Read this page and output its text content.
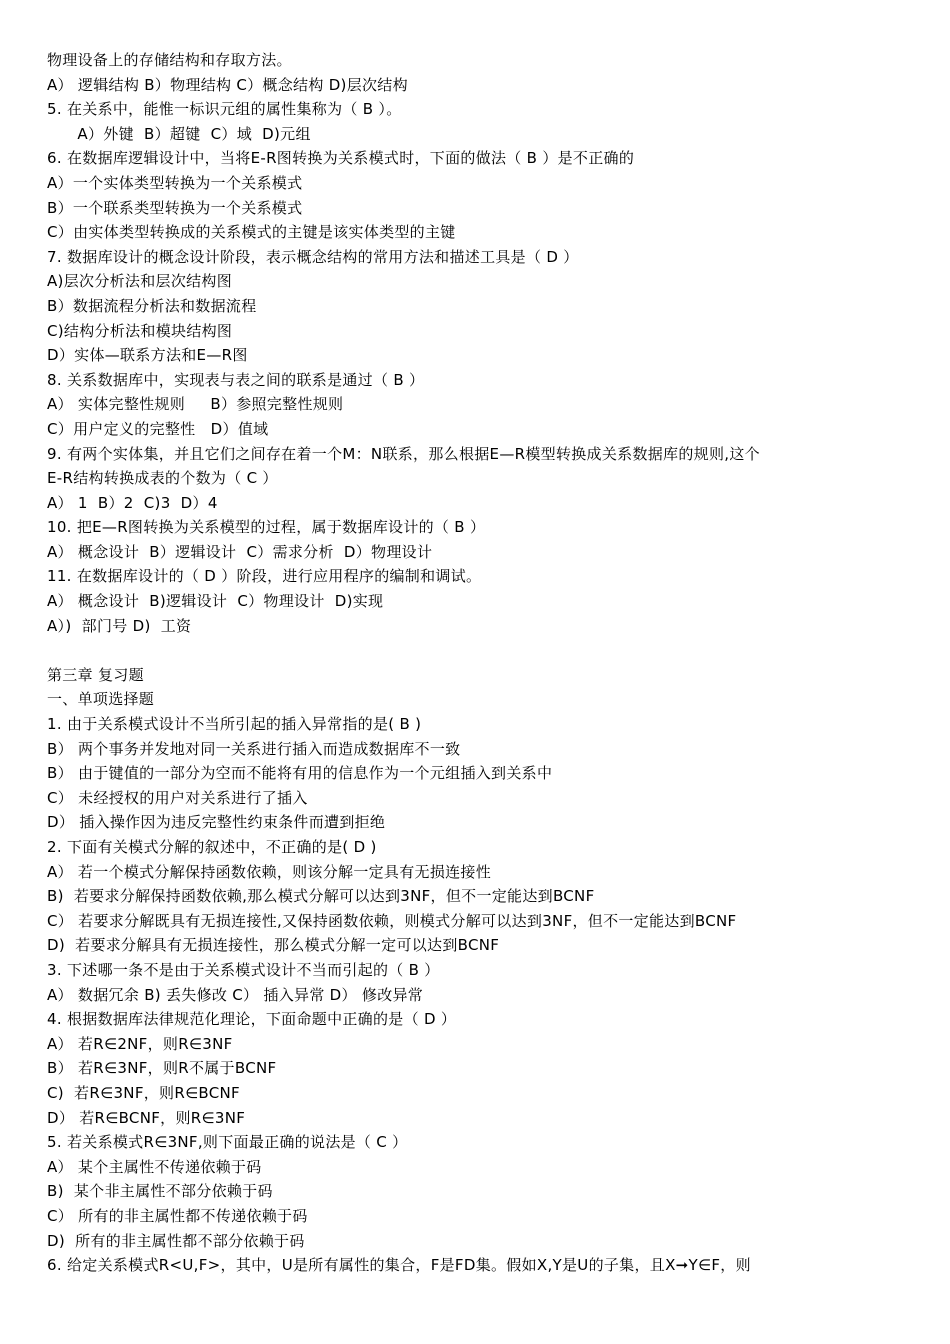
物理设备上的存储结构和存取方法。
A） 逻辑结构 B）物理结构 C）概念结构 D)层次结构
5. 在关系中，能惟一标识元组的属性集称为（ B ）。
A）外键  B）超键  C）域  D)元组
6. 在数据库逻辑设计中，当将E-R图转换为关系模式时，下面的做法（ B ）是不正确的
A）一个实体类型转换为一个关系模式
B）一个联系类型转换为一个关系模式
C）由实体类型转换成的关系模式的主键是该实体类型的主键
7. 数据库设计的概念设计阶段，表示概念结构的常用方法和描述工具是（ D ）
A)层次分析法和层次结构图
B）数据流程分析法和数据流程
C)结构分析法和模块结构图
D）实体—联系方法和E—R图
8. 关系数据库中，实现表与表之间的联系是通过（ B ）
A） 实体完整性规则     B）参照完整性规则
C）用户定义的完整性   D）值域
9. 有两个实体集，并且它们之间存在着一个M：N联系，那么根据E—R模型转换成关系数据库的规则,这个
E-R结构转换成表的个数为（ C ）
A） 1  B）2  C)3  D）4
10. 把E—R图转换为关系模型的过程，属于数据库设计的（ B ）
A） 概念设计  B）逻辑设计  C）需求分析  D）物理设计
11. 在数据库设计的（ D ）阶段，进行应用程序的编制和调试。
A） 概念设计  B)逻辑设计  C）物理设计  D)实现
A）)  部门号 D)  工资
第三章 复习题
一、单项选择题
1. 由于关系模式设计不当所引起的插入异常指的是( B )
B） 两个事务并发地对同一关系进行插入而造成数据库不一致
B） 由于键值的一部分为空而不能将有用的信息作为一个元组插入到关系中
C） 未经授权的用户对关系进行了插入
D） 插入操作因为违反完整性约束条件而遭到拒绝
2. 下面有关模式分解的叙述中，不正确的是( D )
A） 若一个模式分解保持函数依赖，则该分解一定具有无损连接性
B)  若要求分解保持函数依赖,那么模式分解可以达到3NF，但不一定能达到BCNF
C） 若要求分解既具有无损连接性,又保持函数依赖，则模式分解可以达到3NF，但不一定能达到BCNF
D)  若要求分解具有无损连接性，那么模式分解一定可以达到BCNF
3. 下述哪一条不是由于关系模式设计不当而引起的（ B ）
A） 数据冗余 B) 丢失修改 C） 插入异常 D） 修改异常
4. 根据数据库法律规范化理论，下面命题中正确的是（ D ）
A） 若R∈2NF，则R∈3NF
B） 若R∈3NF，则R不属于BCNF
C)  若R∈3NF，则R∈BCNF
D） 若R∈BCNF，则R∈3NF
5. 若关系模式R∈3NF,则下面最正确的说法是（ C ）
A） 某个主属性不传递依赖于码
B)  某个非主属性不部分依赖于码
C） 所有的非主属性都不传递依赖于码
D)  所有的非主属性都不部分依赖于码
6. 给定关系模式R<U,F>，其中，U是所有属性的集合，F是FD集。假如X,Y是U的子集，且X➞Y∈F，则
